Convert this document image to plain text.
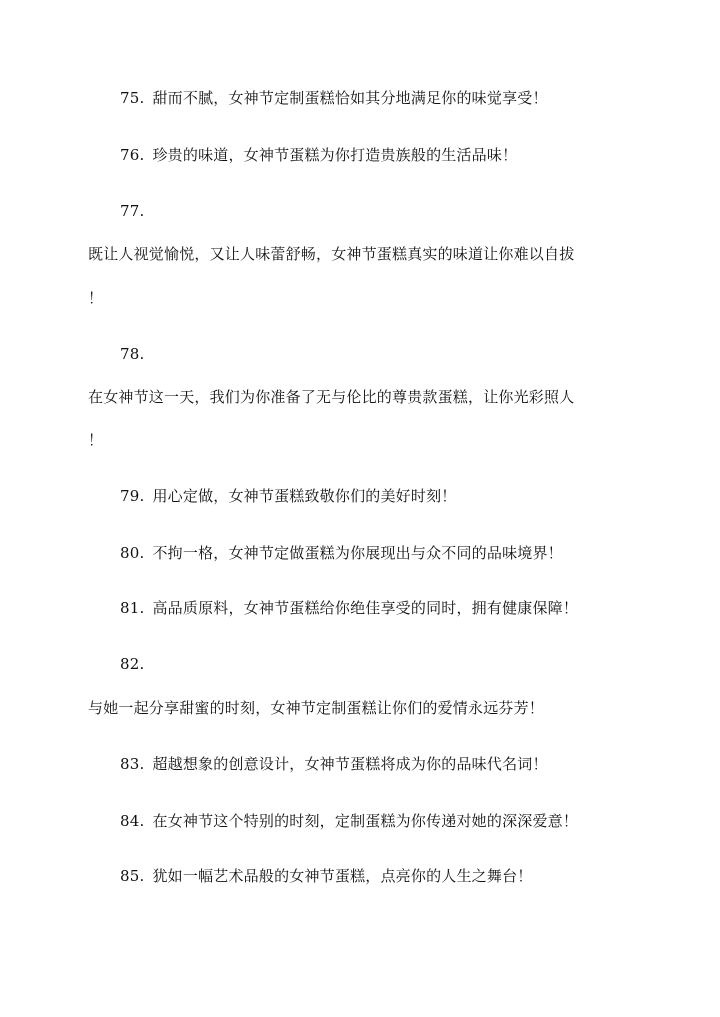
75. 甜而不腻，女神节定制蛋糕恰如其分地满足你的味觉享受！
76. 珍贵的味道，女神节蛋糕为你打造贵族般的生活品味！
77.
既让人视觉愉悦，又让人味蕾舒畅，女神节蛋糕真实的味道让你难以自拔
！
78.
在女神节这一天，我们为你准备了无与伦比的尊贵款蛋糕，让你光彩照人
！
79. 用心定做，女神节蛋糕致敬你们的美好时刻！
80. 不拘一格，女神节定做蛋糕为你展现出与众不同的品味境界！
81. 高品质原料，女神节蛋糕给你绝佳享受的同时，拥有健康保障！
82.
与她一起分享甜蜜的时刻，女神节定制蛋糕让你们的爱情永远芬芳！
83. 超越想象的创意设计，女神节蛋糕将成为你的品味代名词！
84. 在女神节这个特别的时刻，定制蛋糕为你传递对她的深深爱意！
85. 犹如一幅艺术品般的女神节蛋糕，点亮你的人生之舞台！
